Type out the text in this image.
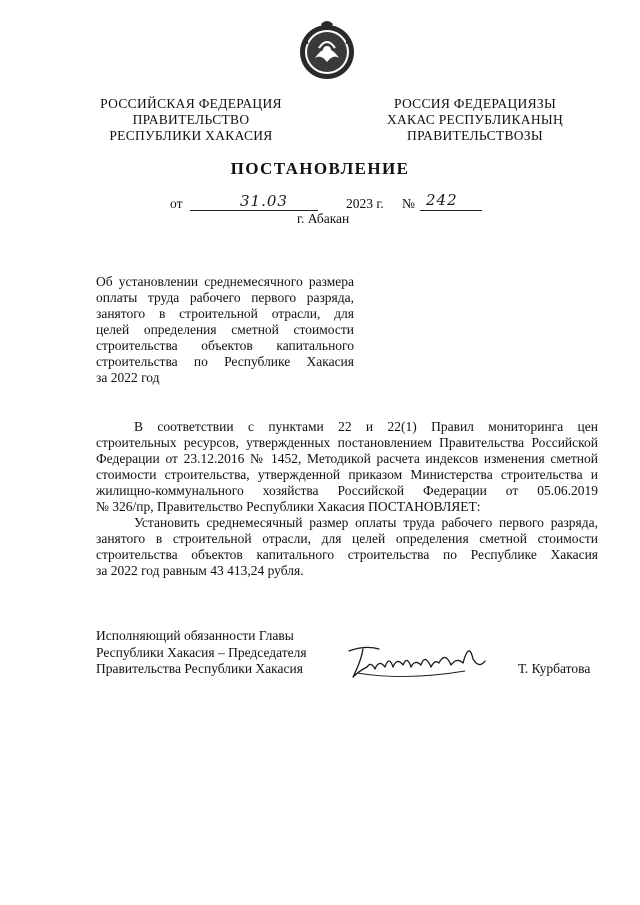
РОССИЙСКАЯ ФЕДЕРАЦИЯ
ПРАВИТЕЛЬСТВО
РЕСПУБЛИКИ ХАКАСИЯ
РОССИЯ ФЕДЕРАЦИЯЗЫ
ХАКАС РЕСПУБЛИКАНЫҢ
ПРАВИТЕЛЬСТВОЗЫ
ПОСТАНОВЛЕНИЕ
от	31.03	2023 г. № 242
г. Абакан
Об установлении среднемесячного размера
оплаты труда рабочего первого разряда,
занятого в строительной отрасли, для
целей определения сметной стоимости
строительства объектов капитального
строительства по Республике Хакасия
за 2022 год
В соответствии с пунктами 22 и 22(1) Правил мониторинга цен
строительных ресурсов, утвержденных постановлением Правительства Российской
Федерации от 23.12.2016 № 1452, Методикой расчета индексов изменения сметной
стоимости строительства, утвержденной приказом Министерства строительства и
жилищно-коммунального хозяйства Российской Федерации от 05.06.2019
№ 326/пр, Правительство Республики Хакасия ПОСТАНОВЛЯЕТ:
Установить среднемесячный размер оплаты труда рабочего первого разряда,
занятого в строительной отрасли, для целей определения сметной стоимости
строительства объектов капитального строительства по Республике Хакасия
за 2022 год равным 43 413,24 рубля.
Исполняющий обязанности Главы
Республики Хакасия – Председателя
Правительства Республики Хакасия	Т. Курбатова
